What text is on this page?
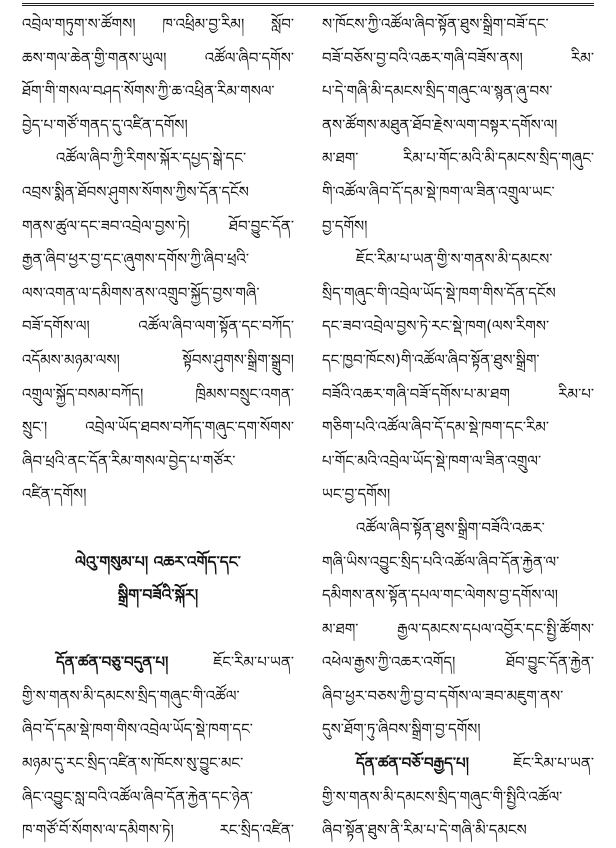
འབྲེལ་གཏུག་ས་ཚོགས། ཁ་འཕྲིམ་བྱ་རིམ། སློབ་
ཆས་གལ་ཆེན་གྱི་གནས་ཡུལ། འཚོལ་ཞིབ་དགོས་
ཐོག་གི་གསལ་བཤད་སོགས་ཀྱི་ཆ་འཕྲིན་རིམ་གསལ་
བྱེད་པ་གཙོ་གནད་དུ་འཛིན་དགོས།
འཚོལ་ཞིབ་ཀྱི་རིགས་སྐོར་དཔྱད་སྒེ་དང་
འབྲས་སྨིན་ཐོབས་ཤུགས་སོགས་ཀྱིས་དོན་དངོས
གནས་ཚུལ་དང་ཟབ་འབྲེལ་བྱས་ཏེ། ཐོབ་བྱུང་དོན་
རྒྱན་ཞིབ་ཕྱར་བྱ་དང་ཞུགས་དགོས་ཀྱི་ཞིབ་ཕྲའི་
ལས་འགན་ལ་དམིགས་ནས་འགྲུབ་སྐྱོད་བྱས་གཞི་
བཟོ་དགོས་ལ། འཚོལ་ཞིབ་ལག་སྟོན་དང་བཀོད་
འདོམས་མཉམ་ལས། སྟོབས་ཤུགས་སྒྲིག་སྒྲུབ།
འགྲུལ་སྐྱོད་བསམ་བཀོད། ཁྲིམས་བསྲུང་འགན་
སྲུང་། འབྲེལ་ཡོད་ཐབས་བཀོད་གཞུང་དག་སོགས་
ཞིབ་ཕྲའི་ནང་དོན་རིམ་གསལ་བྱེད་པ་གཙོར་
འཛིན་དགོས།
ལེའུ་གསུམ་པ། འཆར་འགོད་དང་
སྒྲིག་བཟོའི་སྐོར།
དོན་ཚན་བཅུ་བདུན་པ། ཇོང་རིམ་པ་ཡན་
གྱི་ས་གནས་མི་དམངས་སྲིད་གཞུང་གི་འཚོལ་
ཞིབ་དོ་དམ་སྡེ་ཁག་གིས་འབྲེལ་ཡོད་སྡེ་ཁག་དང་
མཉམ་དུ་རང་སྲིད་འཛིན་ས་ཁོངས་སུ་བྱུང་མང་
ཞིང་འབྱུང་སླ་བའི་འཚོལ་ཞིབ་དོན་རྐྱེན་དང་ཉེན་
ཁ་གཙོ་བོ་སོགས་ལ་དམིགས་ཏེ། རང་སྲིད་འཛིན་
ས་ཁོངས་ཀྱི་འཚོལ་ཞིབ་སྟོན་ཐུས་སྒྲིག་བཟོ་དང་
བཟོ་བཅོས་བྱ་བའི་འཆར་གཞི་བཟོས་ནས། རིམ་
པ་དེ་གཞི་མི་དམངས་སྲིད་གཞུང་ལ་སྙན་ཞུ་བས་
ནས་ཚོགས་མཐུན་ཐོབ་རྗེས་ལག་བསྟར་དགོས་ལ།
མ་ཐག་ རིམ་པ་གོང་མའི་མི་དམངས་སྲིད་གཞུང་
གི་འཚོལ་ཞིབ་དོ་དམ་སྡེ་ཁག་ལ་ཟིན་འགྲུལ་ཡང་
བྱ་དགོས།
ཇོང་རིམ་པ་ཡན་གྱི་ས་གནས་མི་དམངས་
སྲིད་གཞུང་གི་འབྲེལ་ཡོད་སྡེ་ཁག་གིས་དོན་དངོས
དང་ཟབ་འབྲེལ་བྱས་ཏེ་རང་སྡེ་ཁག(ལས་རིགས་
དང་ཁྱབ་ཁོངས)གི་འཚོལ་ཞིབ་སྟོན་ཐུས་སྒྲིག་
བཟོའི་འཆར་གཞི་བཟོ་དགོས་པ་མ་ཐག རིམ་པ་
གཅིག་པའི་འཚོལ་ཞིབ་དོ་དམ་སྡེ་ཁག་དང་རིམ་
པ་གོང་མའི་འབྲེལ་ཡོད་སྡེ་ཁག་ལ་ཟིན་འགྲུལ་
ཡང་བྱ་དགོས།
འཚོལ་ཞིབ་སྟོན་ཐུས་སྒྲིག་བཟོའི་འཆར་
གཞི་ཡིས་འབྱུང་སྲིད་པའི་འཚོལ་ཞིབ་དོན་རྐྱེན་ལ་
དམིགས་ནས་སྟོན་དཔལ་གང་ལེགས་བྱ་དགོས་ལ།
མ་ཐག་ རྒྱལ་དམངས་དཔལ་འབྱོར་དང་སྤྱི་ཚོགས་
འཕེལ་རྒྱས་ཀྱི་འཆར་འགོད། ཐོབ་བྱུང་དོན་རྐྱེན་
ཞིབ་ཕྱར་བཅས་ཀྱི་བྱ་བ་དགོས་ལ་ཟབ་མཇུག་ནས་
དུས་ཐོག་ཏུ་ཞིབས་སྒྲིག་བྱ་དགོས།
དོན་ཚན་བཅོ་བརྒྱད་པ། ཇོང་རིམ་པ་ཡན་
གྱི་ས་གནས་མི་དམངས་སྲིད་གཞུང་གི་སྤྱིའི་འཚོལ་
ཞིབ་སྟོན་ཐུས་ནི་རིམ་པ་དེ་གཞི་མི་དམངས
